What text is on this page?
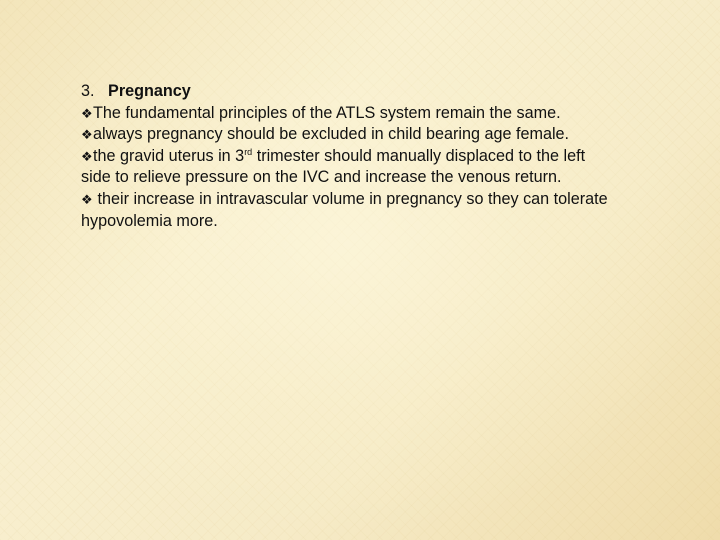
3. Pregnancy
❖The fundamental principles of the ATLS system remain the same.
❖always pregnancy should be excluded in child bearing age female.
❖the gravid uterus in 3rd trimester should manually displaced to the left
side to relieve pressure on the IVC and increase the venous return.
❖ their increase in intravascular volume in pregnancy so they can tolerate
hypovolemia more.
